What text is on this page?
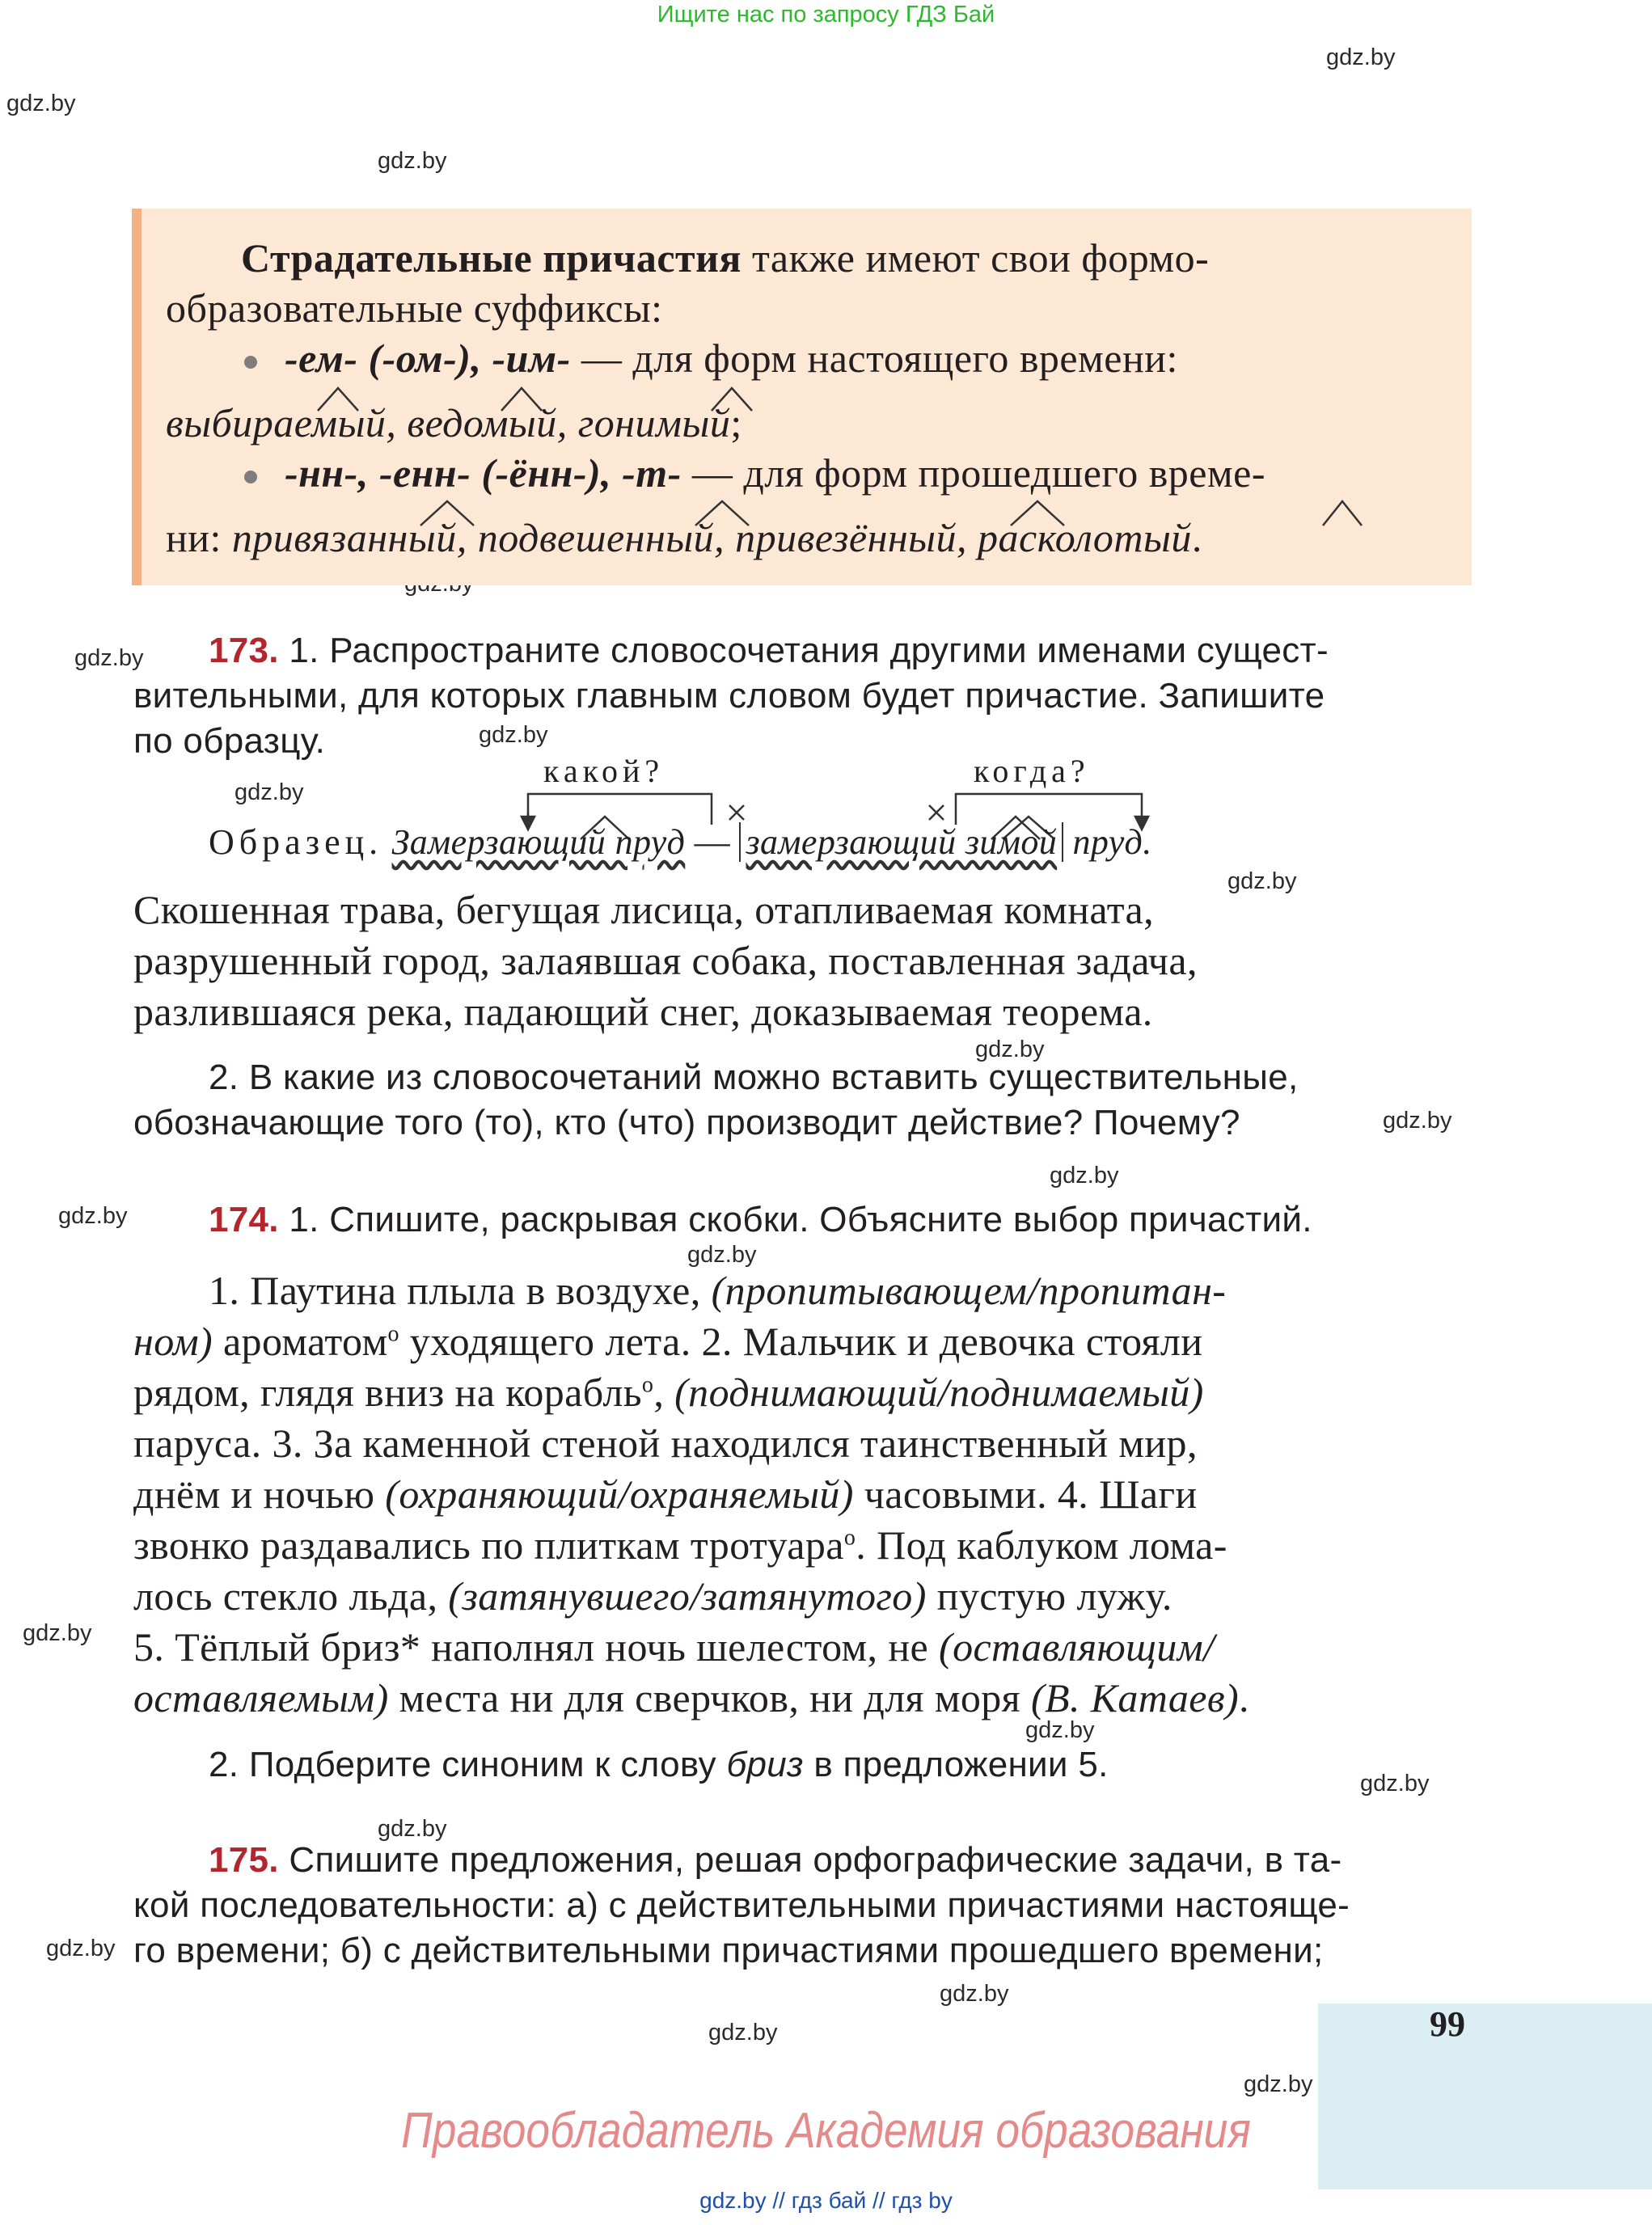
Ищите нас по запросу ГДЗ Бай
gdz.by
gdz.by
gdz.by
gdz.by
gdz.by
gdz.by
gdz.by
gdz.by
gdz.by
gdz.by
gdz.by
gdz.by
gdz.by
gdz.by
gdz.by
gdz.by
gdz.by
gdz.by
gdz.by
gdz.by
Страдательные причастия также имеют свои формо-
образовательные суффиксы:
-ем- (-ом-), -им- — для форм настоящего времени:
выбираемый, ведомый, гонимый;
-нн-, -енн- (-ённ-), -т- — для форм прошедшего време-
ни: привязанный, подвешенный, привезённый, расколотый.
173. 1. Распространите словосочетания другими именами сущест-
вительными, для которых главным словом будет причастие. Запишите
по образцу.
какой?	когда?
Образец. Замерзающий пруд — замерзающий зимой пруд.
Скошенная трава, бегущая лисица, отапливаемая комната,
разрушенный город, залаявшая собака, поставленная задача,
разлившаяся река, падающий снег, доказываемая теорема.
2. В какие из словосочетаний можно вставить существительные,
обозначающие того (то), кто (что) производит действие? Почему?
174. 1. Спишите, раскрывая скобки. Объясните выбор причастий.
1. Паутина плыла в воздухе, (пропитывающем/пропитан-
ном) ароматом$^о$ уходящего лета. 2. Мальчик и девочка стояли
рядом, глядя вниз на корабль$^о$, (поднимающий/поднимаемый)
паруса. 3. За каменной стеной находился таинственный мир,
днём и ночью (охраняющий/охраняемый) часовыми. 4. Шаги
звонко раздавались по плиткам тротуара$^о$. Под каблуком лома-
лось стекло льда, (затянувшего/затянутого) пустую лужу.
5. Тёплый бриз* наполнял ночь шелестом, не (оставляющим/
оставляемым) места ни для сверчков, ни для моря (В. Катаев).
2. Подберите синоним к слову бриз в предложении 5.
175. Спишите предложения, решая орфографические задачи, в та-
кой последовательности: а) с действительными причастиями настояще-
го времени; б) с действительными причастиями прошедшего времени;
99
Правообладатель Академия образования
gdz.by // гдз бай // гдз by
